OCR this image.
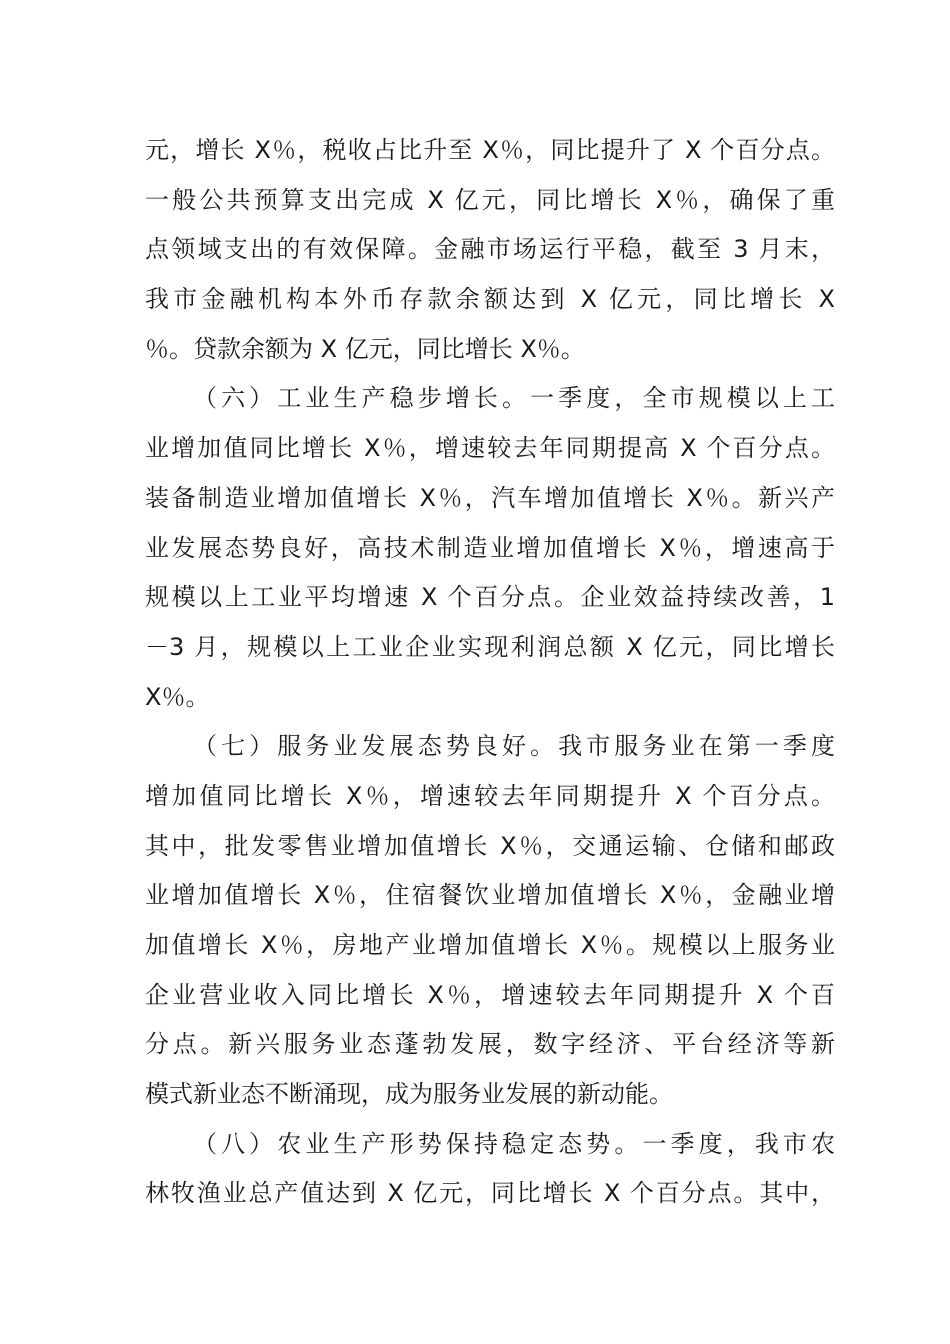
元，增长 X％，税收占比升至 X％，同比提升了 X 个百分点。
一般公共预算支出完成 X 亿元，同比增长 X％，确保了重
点领域支出的有效保障。金融市场运行平稳，截至 3 月末，
我市金融机构本外币存款余额达到 X 亿元，同比增长 X
％。贷款余额为 X 亿元，同比增长 X％。
（六）工业生产稳步增长。一季度，全市规模以上工
业增加值同比增长 X％，增速较去年同期提高 X 个百分点。
装备制造业增加值增长 X％，汽车增加值增长 X％。新兴产
业发展态势良好，高技术制造业增加值增长 X％，增速高于
规模以上工业平均增速 X 个百分点。企业效益持续改善，1
－3 月，规模以上工业企业实现利润总额 X 亿元，同比增长
X％。
（七）服务业发展态势良好。我市服务业在第一季度
增加值同比增长 X％，增速较去年同期提升 X 个百分点。
其中，批发零售业增加值增长 X％，交通运输、仓储和邮政
业增加值增长 X％，住宿餐饮业增加值增长 X％，金融业增
加值增长 X％，房地产业增加值增长 X％。规模以上服务业
企业营业收入同比增长 X％，增速较去年同期提升 X 个百
分点。新兴服务业态蓬勃发展，数字经济、平台经济等新
模式新业态不断涌现，成为服务业发展的新动能。
（八）农业生产形势保持稳定态势。一季度，我市农
林牧渔业总产值达到 X 亿元，同比增长 X 个百分点。其中，
